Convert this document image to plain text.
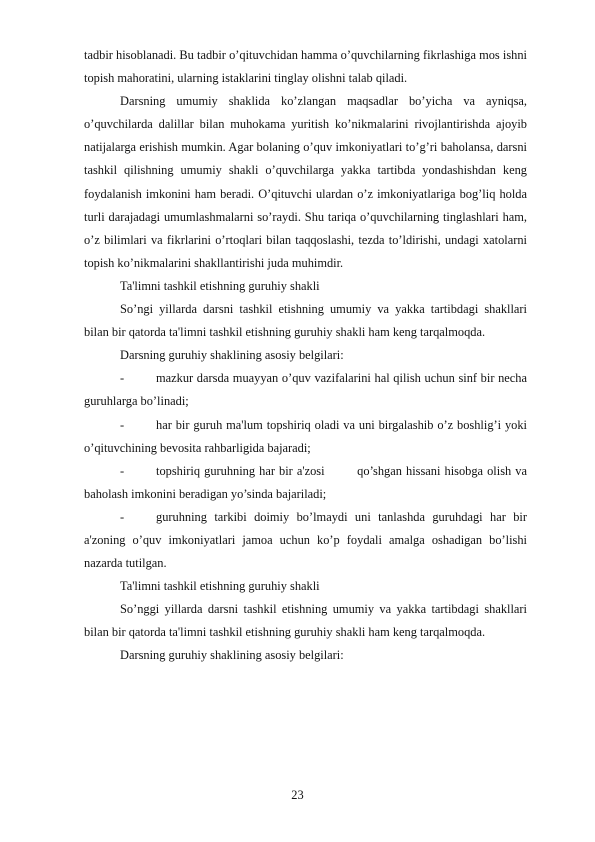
tadbir hisoblanadi. Bu tadbir o’qituvchidan hamma o’quvchilarning fikrlashiga mos ishni topish mahoratini, ularning istaklarini tinglay olishni talab qiladi.

Darsning umumiy shaklida ko’zlangan maqsadlar bo’yicha va ayniqsa, o’quvchilarda dalillar bilan muhokama yuritish ko’nikmalarini rivojlantirishda ajoyib natijalarga erishish mumkin. Agar bolaning o’quv imkoniyatlari to’g’ri baholansa, darsni tashkil qilishning umumiy shakli o’quvchilarga yakka tartibda yondashishdan keng foydalanish imkonini ham beradi. O’qituvchi ulardan o’z imkoniyatlariga bog’liq holda turli darajadagi umumlashmalarni so’raydi. Shu tariqa o’quvchilarning tinglashlari ham, o’z bilimlari va fikrlarini o’rtoqlari bilan taqqoslashi, tezda to’ldirishi, undagi xatolarni topish ko’nikmalarini shakllantirishi juda muhimdir.

Ta'limni tashkil etishning guruhiy shakli

So’ngi yillarda darsni tashkil etishning umumiy va yakka tartibdagi shakllari bilan bir qatorda ta'limni tashkil etishning guruhiy shakli ham keng tarqalmoqda.

Darsning guruhiy shaklining asosiy belgilari:

-	mazkur darsda muayyan o’quv vazifalarini hal qilish uchun sinf bir necha guruhlarga bo’linadi;

-	har bir guruh ma'lum topshiriq oladi va uni birgalashib o’z boshlig’i yoki o’qituvchining bevosita rahbarligida bajaradi;

-	topshiriq guruhning har bir a'zosi        qo’shgan hissani hisobga olish va baholash imkonini beradigan yo’sinda bajariladi;

-	guruhning tarkibi doimiy bo’lmaydi uni tanlashda guruhdagi har bir a'zoning o’quv imkoniyatlari jamoa uchun ko’p foydali amalga oshadigan bo’lishi nazarda tutilgan.

Ta'limni tashkil etishning guruhiy shakli

So’nggi yillarda darsni tashkil etishning umumiy va yakka tartibdagi shakllari bilan bir qatorda ta'limni tashkil etishning guruhiy shakli ham keng tarqalmoqda.

Darsning guruhiy shaklining asosiy belgilari:

23
